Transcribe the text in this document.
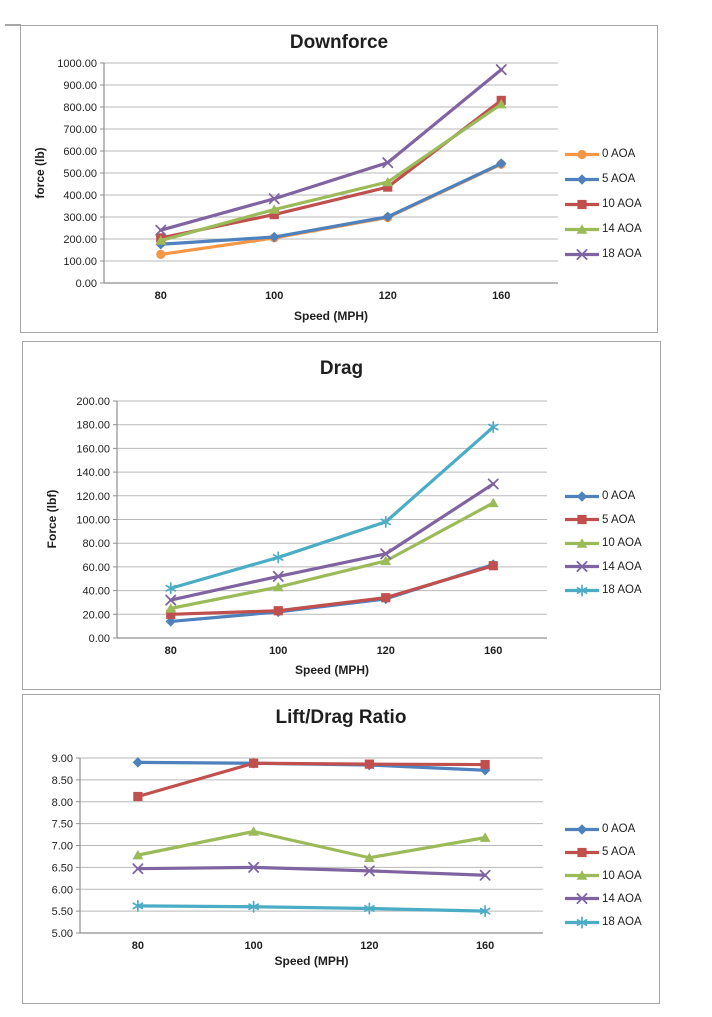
Downforce
force (lb)
Speed (MPH)
0.00
100.00
200.00
300.00
400.00
500.00
600.00
700.00
800.00
900.00
1000.00
80	100	120	160
0 AOA
5 AOA
10 AOA
14 AOA
18 AOA
Drag
Force (lbf)
Speed (MPH)
0.00
20.00
40.00
60.00
80.00
100.00
120.00
140.00
160.00
180.00
200.00
80	100	120	160
0 AOA
5 AOA
10 AOA
14 AOA
18 AOA
Lift/Drag Ratio
Speed (MPH)
5.00
5.50
6.00
6.50
7.00
7.50
8.00
8.50
9.00
80	100	120	160
0 AOA
5 AOA
10 AOA
14 AOA
18 AOA
